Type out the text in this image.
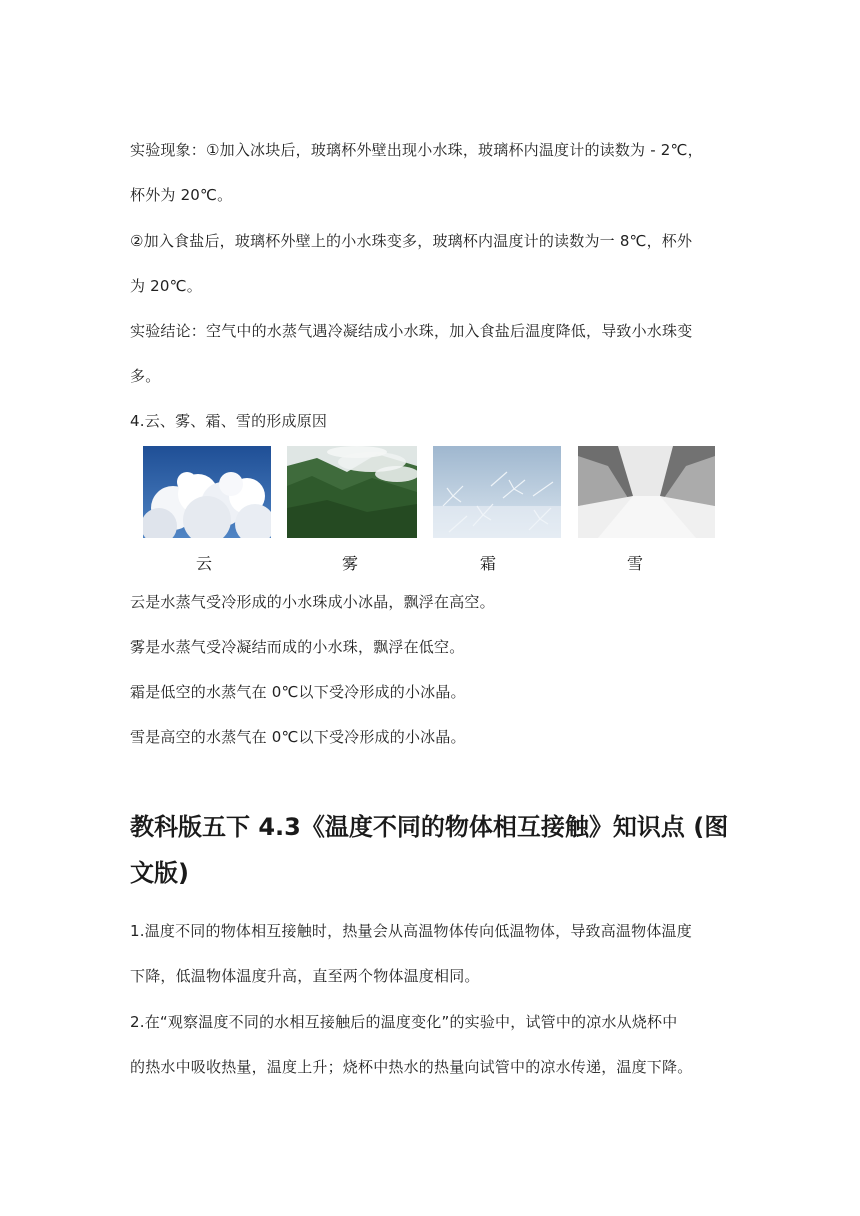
实验现象：①加入冰块后，玻璃杯外壁出现小水珠，玻璃杯内温度计的读数为 - 2℃，

杯外为 20℃。

②加入食盐后，玻璃杯外壁上的小水珠变多，玻璃杯内温度计的读数为一 8℃，杯外

为 20℃。

实验结论：空气中的水蒸气遇冷凝结成小水珠，加入食盐后温度降低，导致小水珠变

多。

4.云、雾、霜、雪的形成原因

云	雾	霜	雪

云是水蒸气受冷形成的小水珠成小冰晶，飘浮在高空。

雾是水蒸气受冷凝结而成的小水珠，飘浮在低空。

霜是低空的水蒸气在 0℃以下受冷形成的小冰晶。

雪是高空的水蒸气在 0℃以下受冷形成的小冰晶。

教科版五下 4.3《温度不同的物体相互接触》知识点 (图
文版)

1.温度不同的物体相互接触时，热量会从高温物体传向低温物体，导致高温物体温度

下降，低温物体温度升高，直至两个物体温度相同。

2.在“观察温度不同的水相互接触后的温度变化”的实验中，试管中的凉水从烧杯中

的热水中吸收热量，温度上升；烧杯中热水的热量向试管中的凉水传递，温度下降。
